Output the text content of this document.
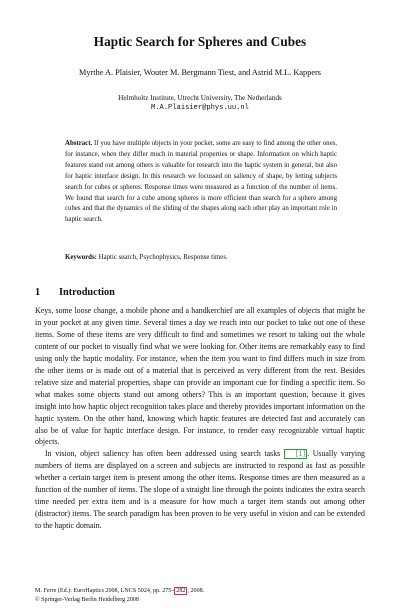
Haptic Search for Spheres and Cubes
Myrthe A. Plaisier, Wouter M. Bergmann Tiest, and Astrid M.L. Kappers
Helmholtz Institute, Utrecht University, The Netherlands
M.A.Plaisier@phys.uu.nl
Abstract. If you have multiple objects in your pocket, some are easy to find among the other ones, for instance, when they differ much in material properties or shape. Information on which haptic features stand out among others is valuable for research into the haptic system in general, but also for haptic interface design. In this research we focussed on saliency of shape, by letting subjects search for cubes or spheres. Response times were measured as a function of the number of items. We found that search for a cube among spheres is more efficient than search for a sphere among cubes and that the dynamics of the sliding of the shapes along each other play an important role in haptic search.
Keywords: Haptic search, Psychophysics, Response times.
1 Introduction

Keys, some loose change, a mobile phone and a handkerchief are all examples of objects that might be in your pocket at any given time. Several times a day we reach into our pocket to take out one of these items. Some of these items are very difficult to find and sometimes we resort to taking out the whole content of our pocket to visually find what we were looking for. Other items are remarkably easy to find using only the haptic modality. For instance, when the item you want to find differs much in size from the other items or is made out of a material that is perceived as very different from the rest. Besides relative size and material properties, shape can provide an important cue for finding a specific item. So what makes some objects stand out among others? This is an important question, because it gives insight into how haptic object recognition takes place and thereby provides important information on the haptic system. On the other hand, knowing which haptic features are detected fast and accurately can also be of value for haptic interface design. For instance, to render easy recognizable virtual haptic objects.

In vision, object saliency has often been addressed using search tasks [1] . Usually varying numbers of items are displayed on a screen and subjects are instructed to respond as fast as possible whether a certain target item is present among the other items. Response times are then measured as a function of the number of items. The slope of a straight line through the points indicates the extra search time needed per extra item and is a measure for how much a target item stands out among other (distractor) items. The search paradigm has been proven to be very useful in vision and can be extended to the haptic domain.

M. Ferre (Ed.): EuroHaptics 2008, LNCS 5024, pp. 275– 282 , 2008.
© Springer-Verlag Berlin Heidelberg 2008
